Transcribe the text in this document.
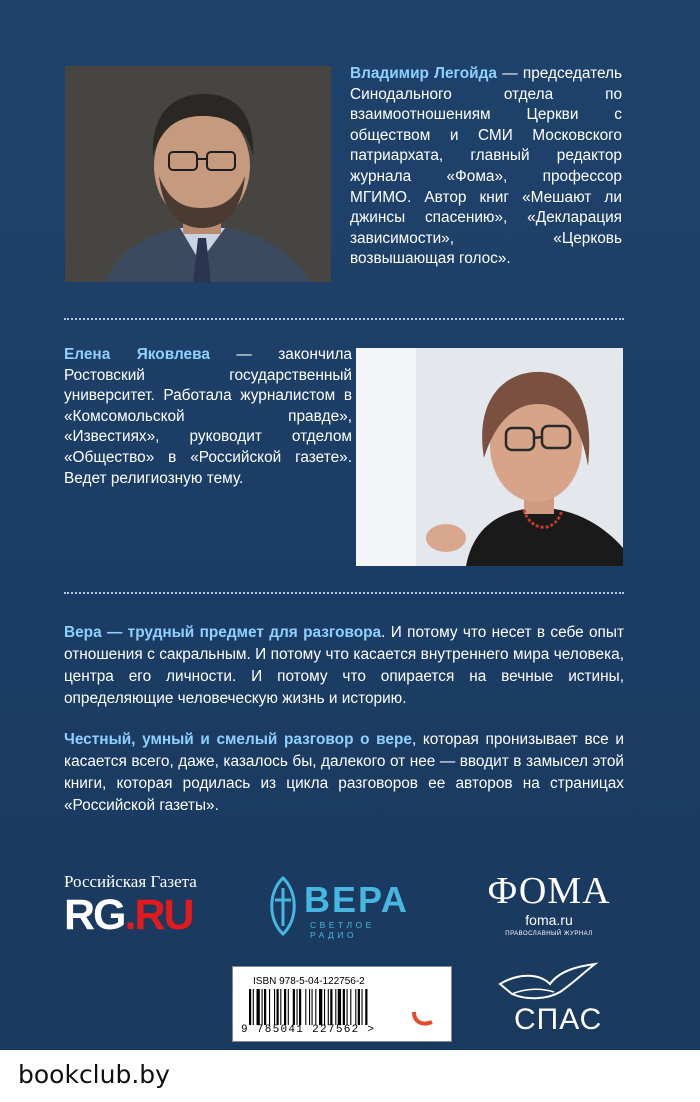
Владимир Легойда — председатель Синодального отдела по взаимоотношениям Церкви с обществом и СМИ Московского патриархата, главный редактор журнала «Фома», профессор МГИМО. Автор книг «Мешают ли джинсы спасению», «Декларация зависимости», «Церковь возвышающая голос».
Елена Яковлева — закончила Ростовский государственный университет. Работала журналистом в «Комсомольской правде», «Известиях», руководит отделом «Общество» в «Российской газете». Ведет религиозную тему.
Вера — трудный предмет для разговора. И потому что несет в себе опыт отношения с сакральным. И потому что касается внутреннего мира человека, центра его личности. И потому что опирается на вечные истины, определяющие человеческую жизнь и историю.
Честный, умный и смелый разговор о вере, которая пронизывает все и касается всего, даже, казалось бы, далекого от нее — вводит в замысел этой книги, которая родилась из цикла разговоров ее авторов на страницах «Российской газеты».
Российская Газета
RG.RU	ВЕРА
СВЕТЛОЕ РАДИО
ФОМА
foma.ru
ПРАВОСЛАВНЫЙ ЖУРНАЛ
ISBN 978-5-04-122756-2
9 785041 227562 >	СПАС
bookclub.by
